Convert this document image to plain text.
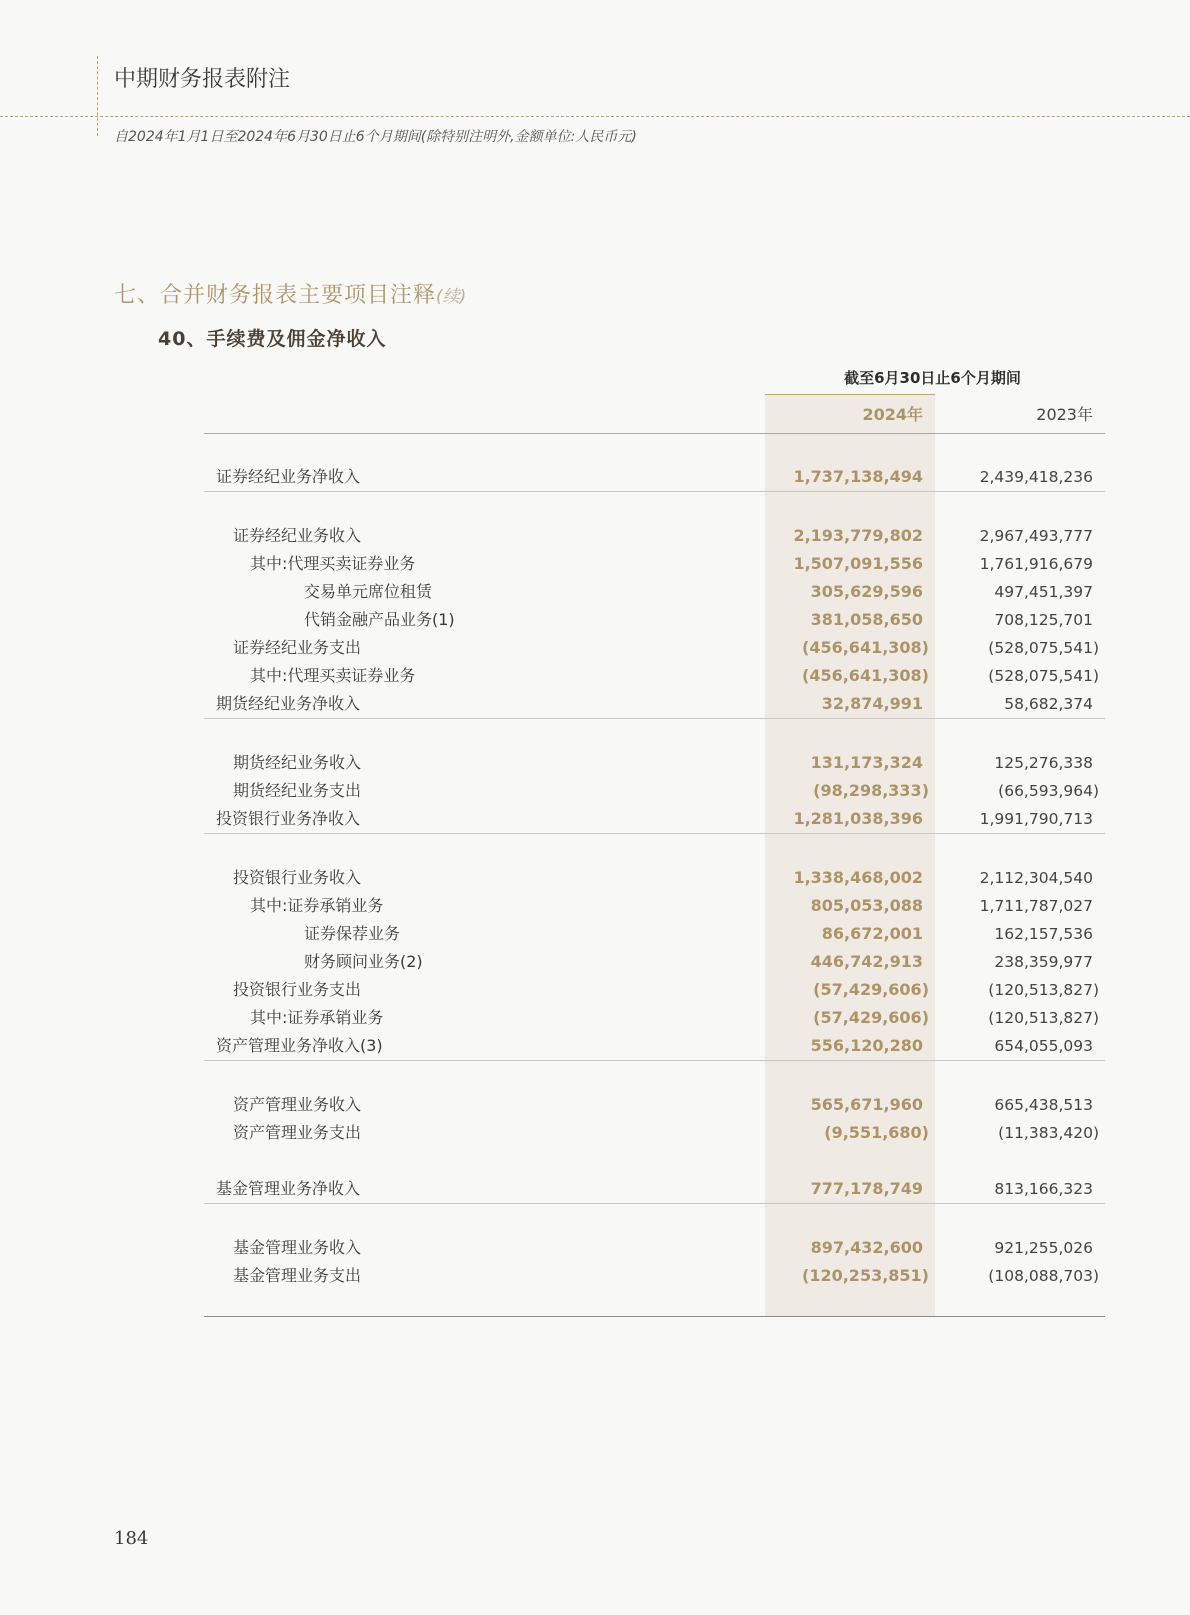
中期财务报表附注
自2024年1月1日至2024年6月30日止6个月期间(除特别注明外,金额单位:人民币元)
七、合并财务报表主要项目注释(续)
40、手续费及佣金净收入
截至6月30日止6个月期间
2024年	2023年
证券经纪业务净收入	1,737,138,494	2,439,418,236
证券经纪业务收入	2,193,779,802	2,967,493,777
其中:代理买卖证券业务	1,507,091,556	1,761,916,679
交易单元席位租赁	305,629,596	497,451,397
代销金融产品业务(1)	381,058,650	708,125,701
证券经纪业务支出	(456,641,308)	(528,075,541)
其中:代理买卖证券业务	(456,641,308)	(528,075,541)
期货经纪业务净收入	32,874,991	58,682,374
期货经纪业务收入	131,173,324	125,276,338
期货经纪业务支出	(98,298,333)	(66,593,964)
投资银行业务净收入	1,281,038,396	1,991,790,713
投资银行业务收入	1,338,468,002	2,112,304,540
其中:证券承销业务	805,053,088	1,711,787,027
证券保荐业务	86,672,001	162,157,536
财务顾问业务(2)	446,742,913	238,359,977
投资银行业务支出	(57,429,606)	(120,513,827)
其中:证券承销业务	(57,429,606)	(120,513,827)
资产管理业务净收入(3)	556,120,280	654,055,093
资产管理业务收入	565,671,960	665,438,513
资产管理业务支出	(9,551,680)	(11,383,420)
基金管理业务净收入	777,178,749	813,166,323
基金管理业务收入	897,432,600	921,255,026
基金管理业务支出	(120,253,851)	(108,088,703)
184
